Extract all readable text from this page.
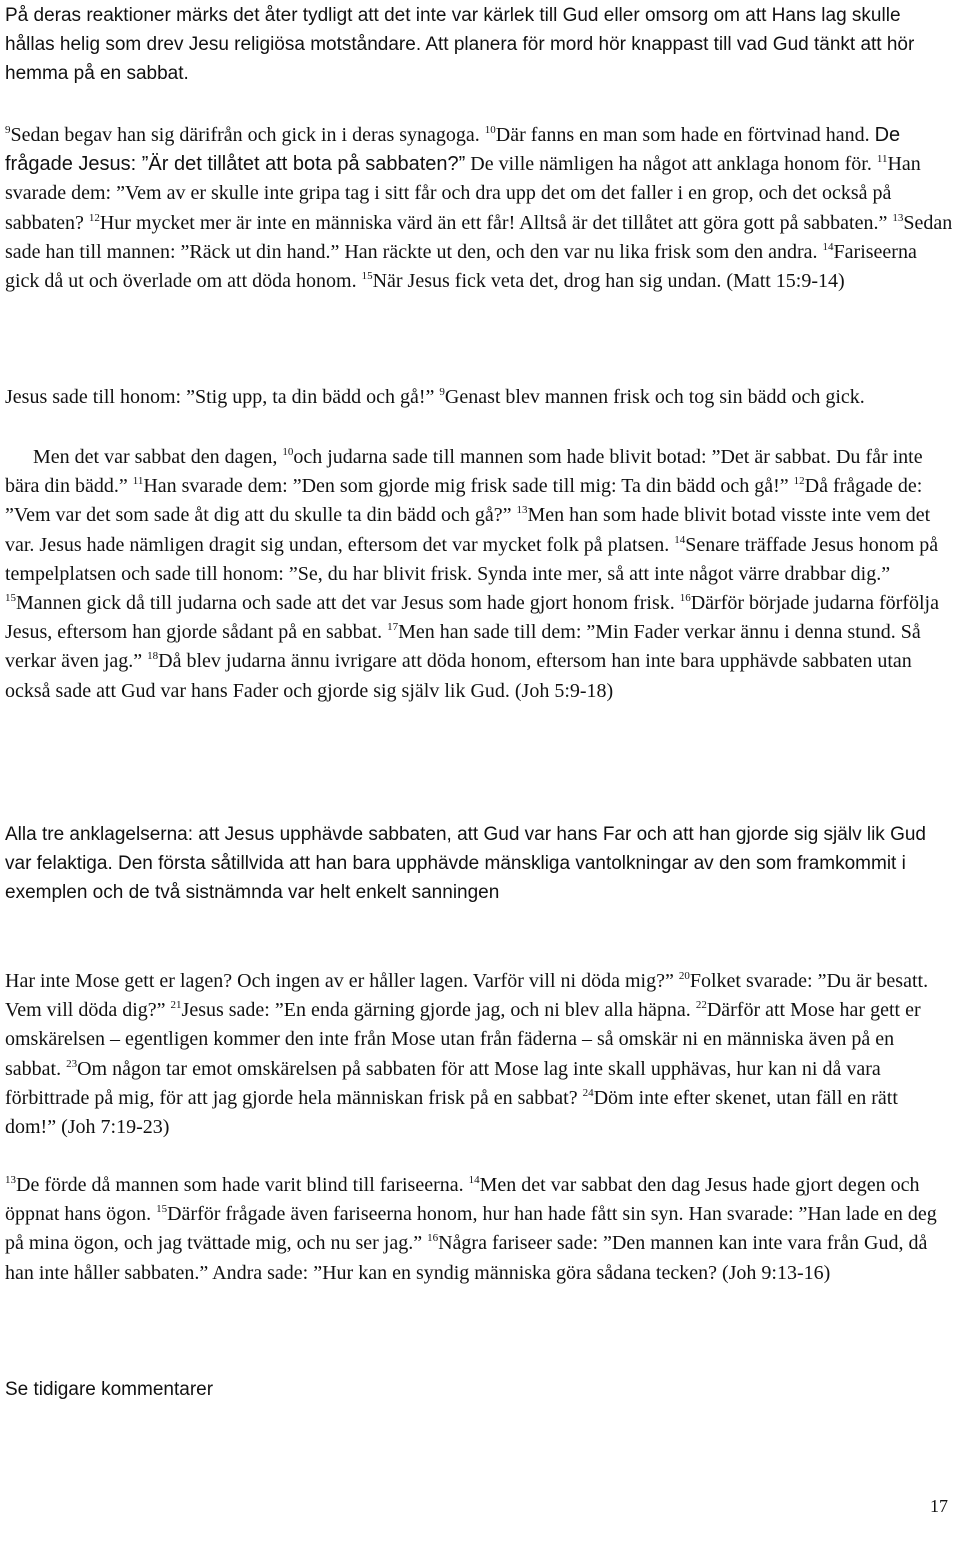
På deras reaktioner märks det åter tydligt att det inte var kärlek till Gud eller omsorg om att Hans lag skulle hållas helig som drev Jesu religiösa motståndare. Att planera för mord hör knappast till vad Gud tänkt att hör hemma på en sabbat.

$^9$Sedan begav han sig därifrån och gick in i deras synagoga. $^{10}$Där fanns en man som hade en förtvinad hand. De frågade Jesus: ”Är det tillåtet att bota på sabbaten?” De ville nämligen ha något att anklaga honom för. $^{11}$Han svarade dem: ”Vem av er skulle inte gripa tag i sitt får och dra upp det om det faller i en grop, och det också på sabbaten? $^{12}$Hur mycket mer är inte en människa värd än ett får! Alltså är det tillåtet att göra gott på sabbaten.” $^{13}$Sedan sade han till mannen: ”Räck ut din hand.” Han räckte ut den, och den var nu lika frisk som den andra. $^{14}$Fariseerna gick då ut och överlade om att döda honom. $^{15}$När Jesus fick veta det, drog han sig undan. (Matt 15:9-14)

Jesus sade till honom: ”Stig upp, ta din bädd och gå!” $^9$Genast blev mannen frisk och tog sin bädd och gick.

Men det var sabbat den dagen, $^{10}$och judarna sade till mannen som hade blivit botad: ”Det är sabbat. Du får inte bära din bädd.” $^{11}$Han svarade dem: ”Den som gjorde mig frisk sade till mig: Ta din bädd och gå!” $^{12}$Då frågade de: ”Vem var det som sade åt dig att du skulle ta din bädd och gå?” $^{13}$Men han som hade blivit botad visste inte vem det var. Jesus hade nämligen dragit sig undan, eftersom det var mycket folk på platsen. $^{14}$Senare träffade Jesus honom på tempelplatsen och sade till honom: ”Se, du har blivit frisk. Synda inte mer, så att inte något värre drabbar dig.” $^{15}$Mannen gick då till judarna och sade att det var Jesus som hade gjort honom frisk. $^{16}$Därför började judarna förfölja Jesus, eftersom han gjorde sådant på en sabbat. $^{17}$Men han sade till dem: ”Min Fader verkar ännu i denna stund. Så verkar även jag.” $^{18}$Då blev judarna ännu ivrigare att döda honom, eftersom han inte bara upphävde sabbaten utan också sade att Gud var hans Fader och gjorde sig själv lik Gud. (Joh 5:9-18)

Alla tre anklagelserna: att Jesus upphävde sabbaten, att Gud var hans Far och att han gjorde sig själv lik Gud var felaktiga. Den första såtillvida att han bara upphävde mänskliga vantolkningar av den som framkommit i exemplen och de två sistnämnda var helt enkelt sanningen

Har inte Mose gett er lagen? Och ingen av er håller lagen. Varför vill ni döda mig?” $^{20}$Folket svarade: ”Du är besatt. Vem vill döda dig?” $^{21}$Jesus sade: ”En enda gärning gjorde jag, och ni blev alla häpna. $^{22}$Därför att Mose har gett er omskärelsen – egentligen kommer den inte från Mose utan från fäderna – så omskär ni en människa även på en sabbat. $^{23}$Om någon tar emot omskärelsen på sabbaten för att Mose lag inte skall upphävas, hur kan ni då vara förbittrade på mig, för att jag gjorde hela människan frisk på en sabbat? $^{24}$Döm inte efter skenet, utan fäll en rätt dom!” (Joh 7:19-23)

$^{13}$De förde då mannen som hade varit blind till fariseerna. $^{14}$Men det var sabbat den dag Jesus hade gjort degen och öppnat hans ögon. $^{15}$Därför frågade även fariseerna honom, hur han hade fått sin syn. Han svarade: ”Han lade en deg på mina ögon, och jag tvättade mig, och nu ser jag.” $^{16}$Några fariseer sade: ”Den mannen kan inte vara från Gud, då han inte håller sabbaten.” Andra sade: ”Hur kan en syndig människa göra sådana tecken? (Joh 9:13-16)

Se tidigare kommentarer

17
